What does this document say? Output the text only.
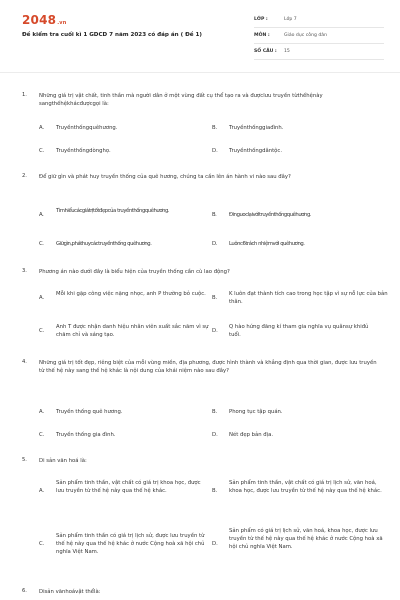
2048.vn
Đề kiểm tra cuối kì 1 GDCD 7 năm 2023 có đáp án ( Đề 1)
LỚP :	Lớp 7
MÔN :	Giáo dục công dân
SỐ CÂU : 15
1. Những giá trị vật chất, tinh thần mà người dân ở một vùng đất cụ thể tạo ra và đượclưu truyền từthếhệnày sangthếhệkhácđượcgọi là:
A. Truyềnthốngquêhương.	B. Truyềnthốnggiađình.
C. Truyềnthốngdònghọ.	D. Truyềnthốngdântộc.
2. Để giữ gìn và phát huy truyền thống của quê hương, chúng ta cần lên án hành vi nào sau đây?
A.
Tìmhiểucácgiátrịtốtđẹpcủa truyềnthốngquêhương.
B. Đinguoclạivớitruyềnthốngquêhương.
C. Giữgìn,pháthuycáctruyềnthống quêhương.	D. Luônc6trách nhiệmvới quêhương.
3. Phương án nào dưới đây là biểu hiện của truyền thống cần cù lao động?
A.
Mỗi khi gặp công việc nặng nhọc, anh P thường bỏ cuộc.
B.
K luôn đạt thành tích cao trong học tập vì sự nỗ lực của bản thân.
C.
Anh T được nhận danh hiệu nhân viên xuất sắc năm vì sự chăm chỉ và sáng tạo.
D.
Q hào hứng đăng kí tham gia nghĩa vụ quânsự khiđủ tuổi.
4. Những giá trị tốt đẹp, riêng biệt của mỗi vùng miền, địa phương, được hình thành và khẳng định qua thời gian, được lưu truyền từ thế hệ này sang thế hệ khác là nội dung của khái niệm nào sau đây?
A. Truyền thống quê hương.	B. Phong tục tập quán.
C. Truyền thống gia đình.	D. Nét đẹp bản địa.
5. Di sản văn hoá là:
A.
Sản phẩm tinh thần, vật chất có giá trị khoa học, được lưu truyền từ thế hệ này qua thế hệ khác.	B.
Sản phẩm tinh thần, vật chất có giá trị lịch sử, văn hoá, khoa học, được lưu truyền từ thế hệ này qua thế hệ khác.
C.
Sản phẩm tinh thần có giá trị lịch sử, được lưu truyền từ thế hệ này qua thế hệ khác ở nước Cộng hoà xã hội chủ nghĩa Việt Nam.
D.
Sản phẩm có giá trị lịch sử, văn hoá, khoa học, được lưu truyền từ thế hệ này qua thế hệ khác ở nước Cộng hoà xã hội chủ nghĩa Việt Nam.
6. Disản vănhoávật thểlà:
